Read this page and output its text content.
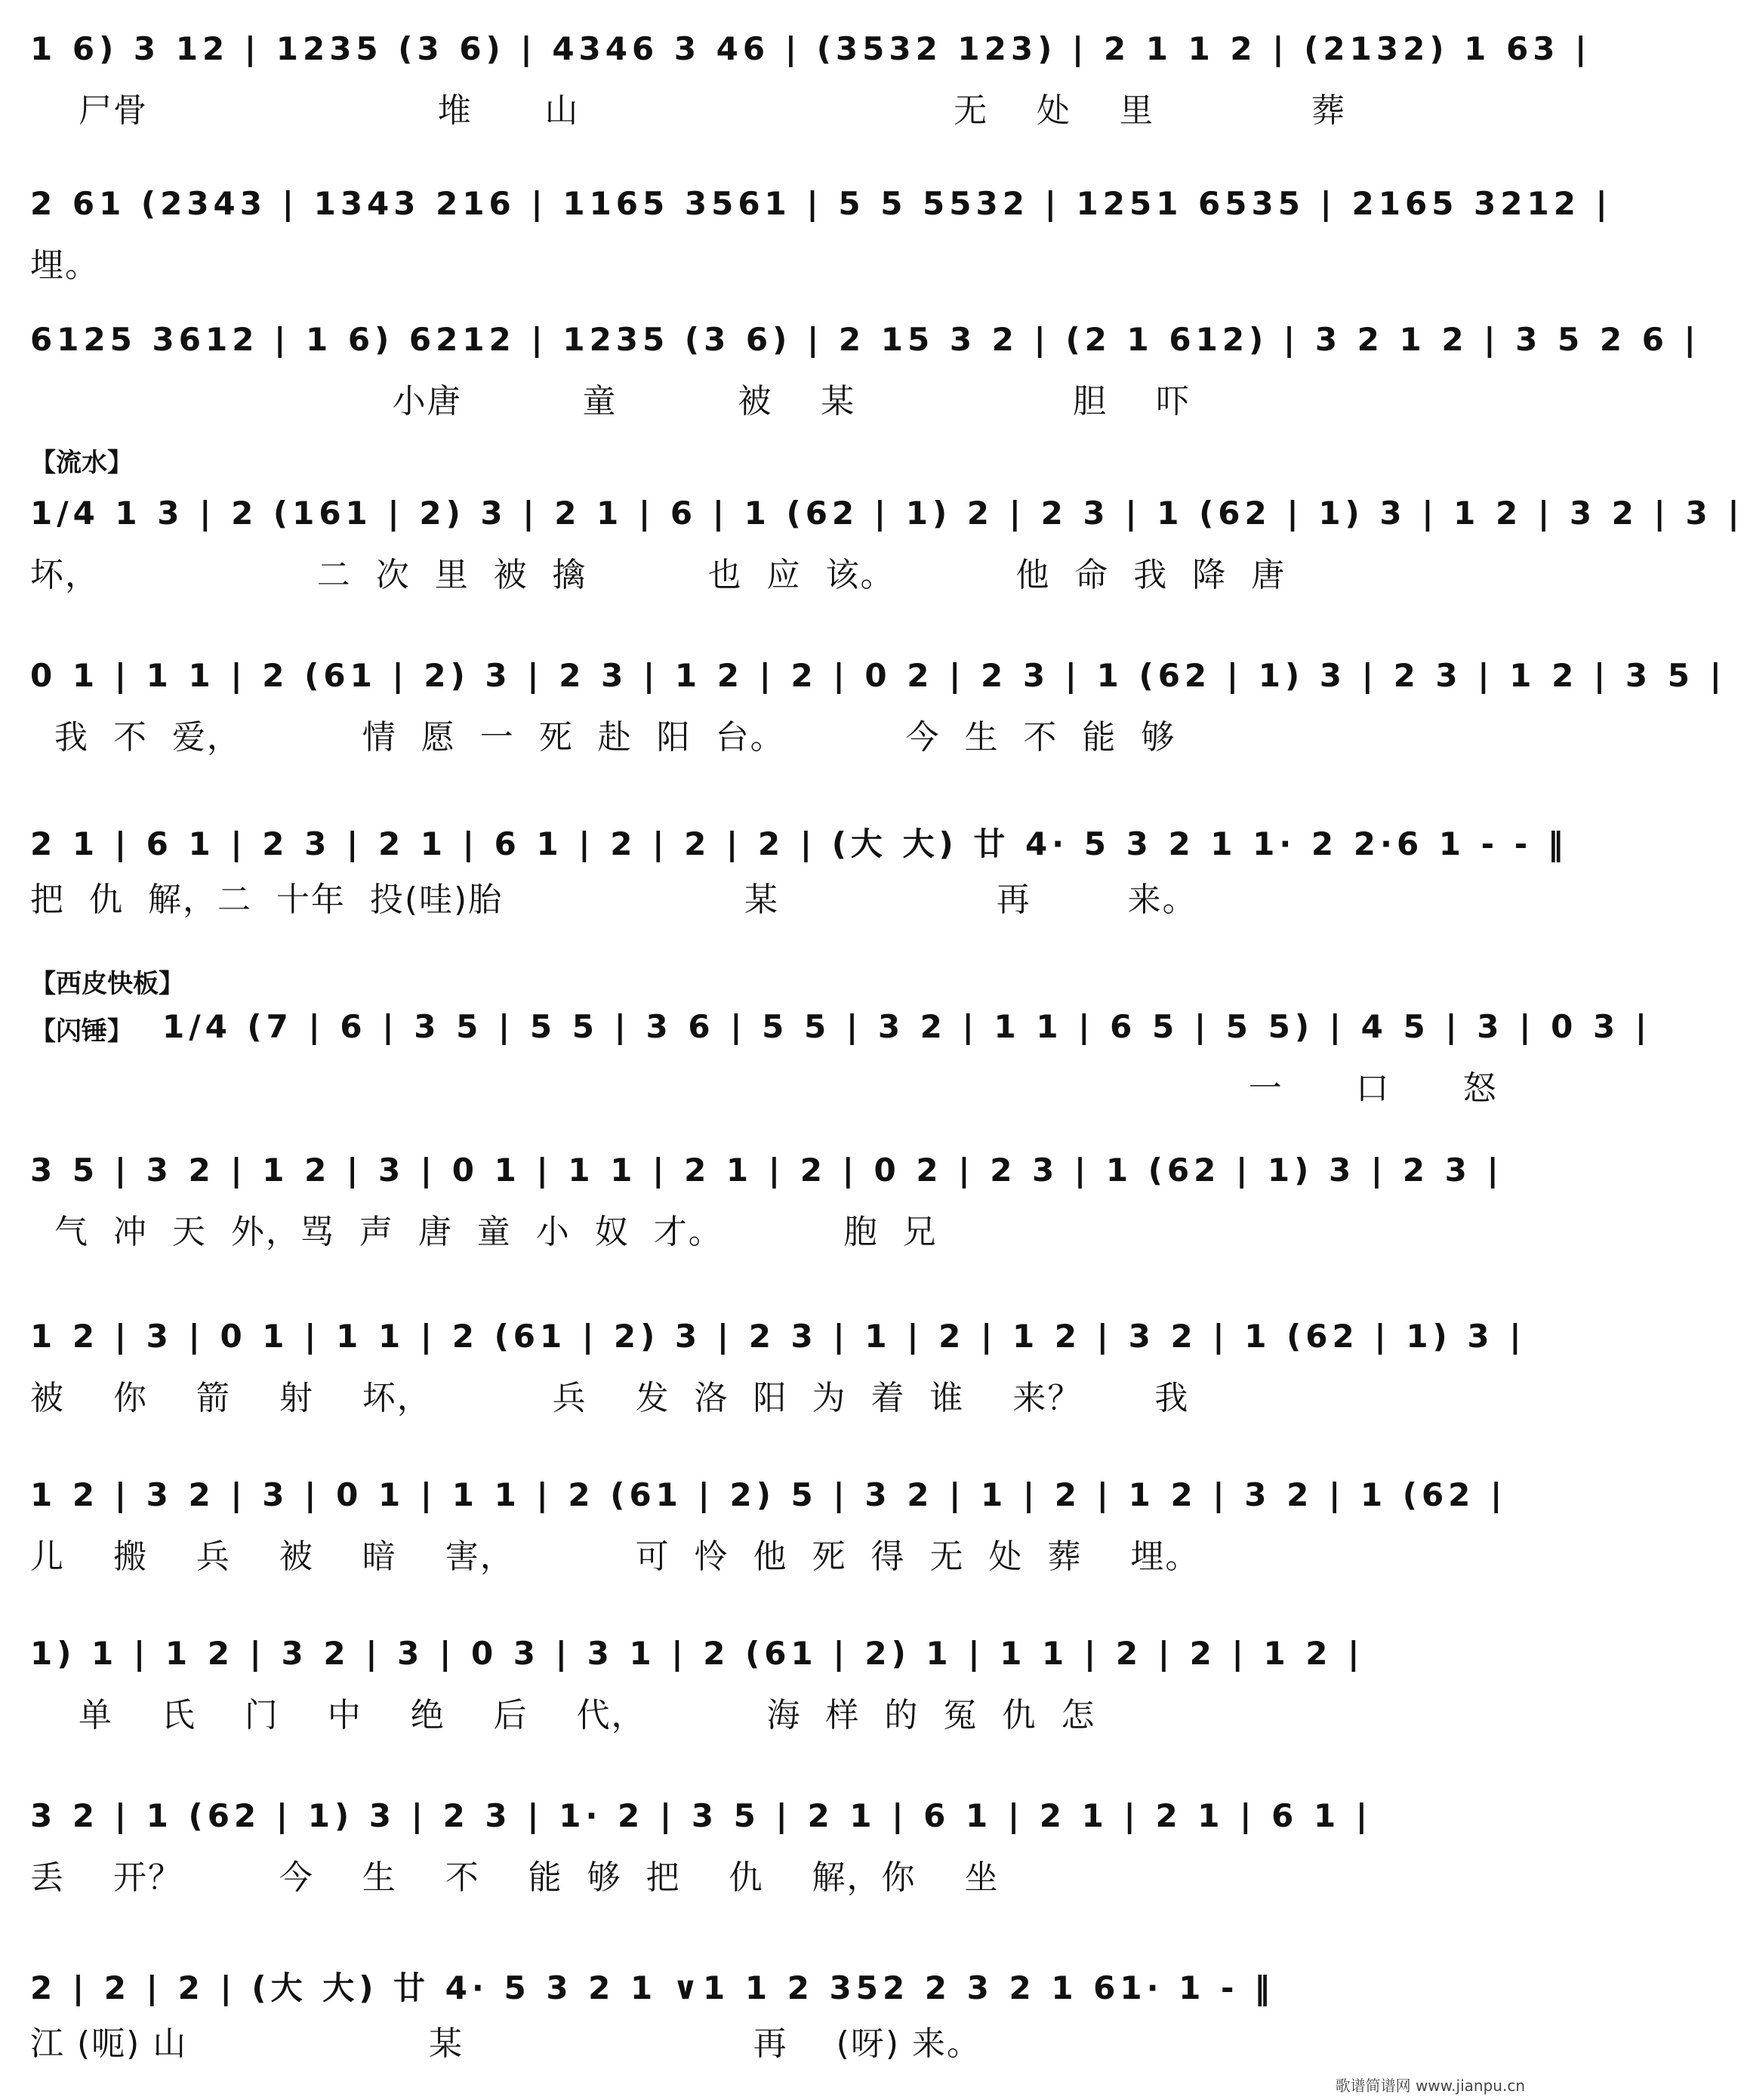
1 6) 3 12 | 1235 (3 6) | 4346 3 46 | (3532 123) | 2 1 1 2 | (2132) 1 63 |
尸骨                        堆      山                               无    处    里             葬
2 61 (2343 | 1343 216 | 1165 3561 | 5 5 5532 | 1251 6535 | 2165 3212 |
埋。
6125 3612 | 1 6) 6212 | 1235 (3 6) | 2 15 3 2 | (2 1 612) | 3 2 1 2 | 3 5 2 6 |
小唐          童          被    某                  胆    吓
【流水】
1/4 1 3 | 2 (161 | 2) 3 | 2 1 | 6 | 1 (62 | 1) 2 | 2 3 | 1 (62 | 1) 3 | 1 2 | 3 2 | 3 |
坏，                  二  次  里  被  擒          也  应  该。          他  命  我  降  唐
0 1 | 1 1 | 2 (61 | 2) 3 | 2 3 | 1 2 | 2 | 0 2 | 2 3 | 1 (62 | 1) 3 | 2 3 | 1 2 | 3 5 |
我  不  爱，          情  愿  一  死  赴  阳  台。          今  生  不  能  够
2 1 | 6 1 | 2 3 | 2 1 | 6 1 | 2 | 2 | 2 | (大 大) 廿 4· 5 3 2 1 1· 2 2·6 1 - - ‖
把  仇  解，二  十年  投(哇)胎                    某                  再        来。
【西皮快板】
【闪锤】 1/4 (7 | 6 | 3 5 | 5 5 | 3 6 | 5 5 | 3 2 | 1 1 | 6 5 | 5 5) | 4 5 | 3 | 0 3 |
一      口      怒
3 5 | 3 2 | 1 2 | 3 | 0 1 | 1 1 | 2 1 | 2 | 0 2 | 2 3 | 1 (62 | 1) 3 | 2 3 |
气  冲  天  外，骂  声  唐  童  小  奴  才。          胞  兄
1 2 | 3 | 0 1 | 1 1 | 2 (61 | 2) 3 | 2 3 | 1 | 2 | 1 2 | 3 2 | 1 (62 | 1) 3 |
被    你    箭    射    坏，          兵    发  洛  阳  为  着  谁    来？      我
1 2 | 3 2 | 3 | 0 1 | 1 1 | 2 (61 | 2) 5 | 3 2 | 1 | 2 | 1 2 | 3 2 | 1 (62 |
儿    搬    兵    被    暗    害，          可  怜  他  死  得  无  处  葬    埋。
1) 1 | 1 2 | 3 2 | 3 | 0 3 | 3 1 | 2 (61 | 2) 1 | 1 1 | 2 | 2 | 1 2 |
单    氏    门    中    绝    后    代，          海  样  的  冤  仇  怎
3 2 | 1 (62 | 1) 3 | 2 3 | 1· 2 | 3 5 | 2 1 | 6 1 | 2 1 | 2 1 | 6 1 |
丢    开？        今    生    不    能  够  把    仇    解，你    坐
2 | 2 | 2 | (大 大) 廿 4· 5 3 2 1 ∨1 1 2 352 2 3 2 1 61· 1 - ‖
江 (呃) 山                    某                        再    (呀) 来。
歌谱简谱网 www.jianpu.cn
